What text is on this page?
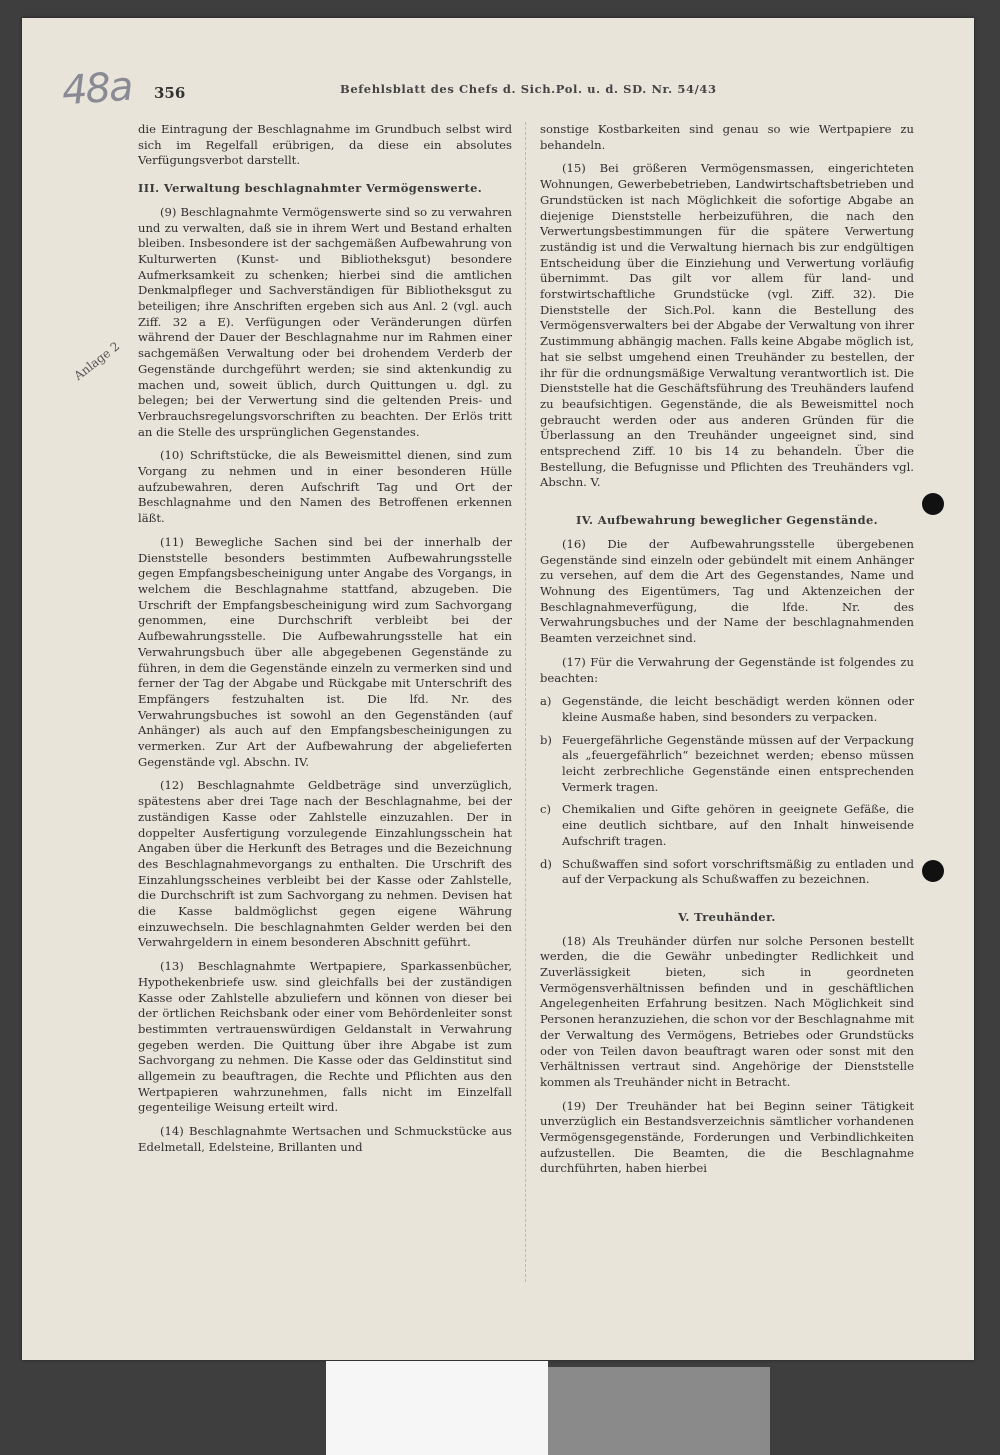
48a 356	Befehlsblatt des Chefs d. Sich.Pol. u. d. SD. Nr. 54/43
Anlage 2

die Eintragung der Beschlagnahme im Grundbuch selbst wird sich im Regelfall erübrigen, da diese ein absolutes Verfügungsverbot darstellt.

III. Verwaltung beschlagnahmter Vermögenswerte.

(9) Beschlagnahmte Vermögenswerte sind so zu verwahren und zu verwalten, daß sie in ihrem Wert und Bestand erhalten bleiben. Insbesondere ist der sachgemäßen Aufbewahrung von Kulturwerten (Kunst- und Bibliotheksgut) besondere Aufmerksamkeit zu schenken; hierbei sind die amtlichen Denkmalpfleger und Sachverständigen für Bibliotheksgut zu beteiligen; ihre Anschriften ergeben sich aus Anl. 2 (vgl. auch Ziff. 32 a E). Verfügungen oder Veränderungen dürfen während der Dauer der Beschlagnahme nur im Rahmen einer sachgemäßen Verwaltung oder bei drohendem Verderb der Gegenstände durchgeführt werden; sie sind aktenkundig zu machen und, soweit üblich, durch Quittungen u. dgl. zu belegen; bei der Verwertung sind die geltenden Preis- und Verbrauchsregelungsvorschriften zu beachten. Der Erlös tritt an die Stelle des ursprünglichen Gegenstandes.

(10) Schriftstücke, die als Beweismittel dienen, sind zum Vorgang zu nehmen und in einer besonderen Hülle aufzubewahren, deren Aufschrift Tag und Ort der Beschlagnahme und den Namen des Betroffenen erkennen läßt.

(11) Bewegliche Sachen sind bei der innerhalb der Dienststelle besonders bestimmten Aufbewahrungsstelle gegen Empfangsbescheinigung unter Angabe des Vorgangs, in welchem die Beschlagnahme stattfand, abzugeben. Die Urschrift der Empfangsbescheinigung wird zum Sachvorgang genommen, eine Durchschrift verbleibt bei der Aufbewahrungsstelle. Die Aufbewahrungsstelle hat ein Verwahrungsbuch über alle abgegebenen Gegenstände zu führen, in dem die Gegenstände einzeln zu vermerken sind und ferner der Tag der Abgabe und Rückgabe mit Unterschrift des Empfängers festzuhalten ist. Die lfd. Nr. des Verwahrungsbuches ist sowohl an den Gegenständen (auf Anhänger) als auch auf den Empfangsbescheinigungen zu vermerken. Zur Art der Aufbewahrung der abgelieferten Gegenstände vgl. Abschn. IV.

(12) Beschlagnahmte Geldbeträge sind unverzüglich, spätestens aber drei Tage nach der Beschlagnahme, bei der zuständigen Kasse oder Zahlstelle einzuzahlen. Der in doppelter Ausfertigung vorzulegende Einzahlungsschein hat Angaben über die Herkunft des Betrages und die Bezeichnung des Beschlagnahmevorgangs zu enthalten. Die Urschrift des Einzahlungsscheines verbleibt bei der Kasse oder Zahlstelle, die Durchschrift ist zum Sachvorgang zu nehmen. Devisen hat die Kasse baldmöglichst gegen eigene Währung einzuwechseln. Die beschlagnahmten Gelder werden bei den Verwahrgeldern in einem besonderen Abschnitt geführt.

(13) Beschlagnahmte Wertpapiere, Sparkassenbücher, Hypothekenbriefe usw. sind gleichfalls bei der zuständigen Kasse oder Zahlstelle abzuliefern und können von dieser bei der örtlichen Reichsbank oder einer vom Behördenleiter sonst bestimmten vertrauenswürdigen Geldanstalt in Verwahrung gegeben werden. Die Quittung über ihre Abgabe ist zum Sachvorgang zu nehmen. Die Kasse oder das Geldinstitut sind allgemein zu beauftragen, die Rechte und Pflichten aus den Wertpapieren wahrzunehmen, falls nicht im Einzelfall gegenteilige Weisung erteilt wird.

(14) Beschlagnahmte Wertsachen und Schmuckstücke aus Edelmetall, Edelsteine, Brillanten und

sonstige Kostbarkeiten sind genau so wie Wertpapiere zu behandeln.

(15) Bei größeren Vermögensmassen, eingerichteten Wohnungen, Gewerbebetrieben, Landwirtschaftsbetrieben und Grundstücken ist nach Möglichkeit die sofortige Abgabe an diejenige Dienststelle herbeizuführen, die nach den Verwertungsbestimmungen für die spätere Verwertung zuständig ist und die Verwaltung hiernach bis zur endgültigen Entscheidung über die Einziehung und Verwertung vorläufig übernimmt. Das gilt vor allem für land- und forstwirtschaftliche Grundstücke (vgl. Ziff. 32). Die Dienststelle der Sich.Pol. kann die Bestellung des Vermögensverwalters bei der Abgabe der Verwaltung von ihrer Zustimmung abhängig machen. Falls keine Abgabe möglich ist, hat sie selbst umgehend einen Treuhänder zu bestellen, der ihr für die ordnungsmäßige Verwaltung verantwortlich ist. Die Dienststelle hat die Geschäftsführung des Treuhänders laufend zu beaufsichtigen. Gegenstände, die als Beweismittel noch gebraucht werden oder aus anderen Gründen für die Überlassung an den Treuhänder ungeeignet sind, sind entsprechend Ziff. 10 bis 14 zu behandeln. Über die Bestellung, die Befugnisse und Pflichten des Treuhänders vgl. Abschn. V.

IV. Aufbewahrung beweglicher Gegenstände.

(16) Die der Aufbewahrungsstelle übergebenen Gegenstände sind einzeln oder gebündelt mit einem Anhänger zu versehen, auf dem die Art des Gegenstandes, Name und Wohnung des Eigentümers, Tag und Aktenzeichen der Beschlagnahmeverfügung, die lfde. Nr. des Verwahrungsbuches und der Name der beschlagnahmenden Beamten verzeichnet sind.

(17) Für die Verwahrung der Gegenstände ist folgendes zu beachten:

a) Gegenstände, die leicht beschädigt werden können oder kleine Ausmaße haben, sind besonders zu verpacken.
b) Feuergefährliche Gegenstände müssen auf der Verpackung als „feuergefährlich“ bezeichnet werden; ebenso müssen leicht zerbrechliche Gegenstände einen entsprechenden Vermerk tragen.
c) Chemikalien und Gifte gehören in geeignete Gefäße, die eine deutlich sichtbare, auf den Inhalt hinweisende Aufschrift tragen.
d) Schußwaffen sind sofort vorschriftsmäßig zu entladen und auf der Verpackung als Schußwaffen zu bezeichnen.
V. Treuhänder.

(18) Als Treuhänder dürfen nur solche Personen bestellt werden, die die Gewähr unbedingter Redlichkeit und Zuverlässigkeit bieten, sich in geordneten Vermögensverhältnissen befinden und in geschäftlichen Angelegenheiten Erfahrung besitzen. Nach Möglichkeit sind Personen heranzuziehen, die schon vor der Beschlagnahme mit der Verwaltung des Vermögens, Betriebes oder Grundstücks oder von Teilen davon beauftragt waren oder sonst mit den Verhältnissen vertraut sind. Angehörige der Dienststelle kommen als Treuhänder nicht in Betracht.

(19) Der Treuhänder hat bei Beginn seiner Tätigkeit unverzüglich ein Bestandsverzeichnis sämtlicher vorhandenen Vermögensgegenstände, Forderungen und Verbindlichkeiten aufzustellen. Die Beamten, die die Beschlagnahme durchführten, haben hierbei
